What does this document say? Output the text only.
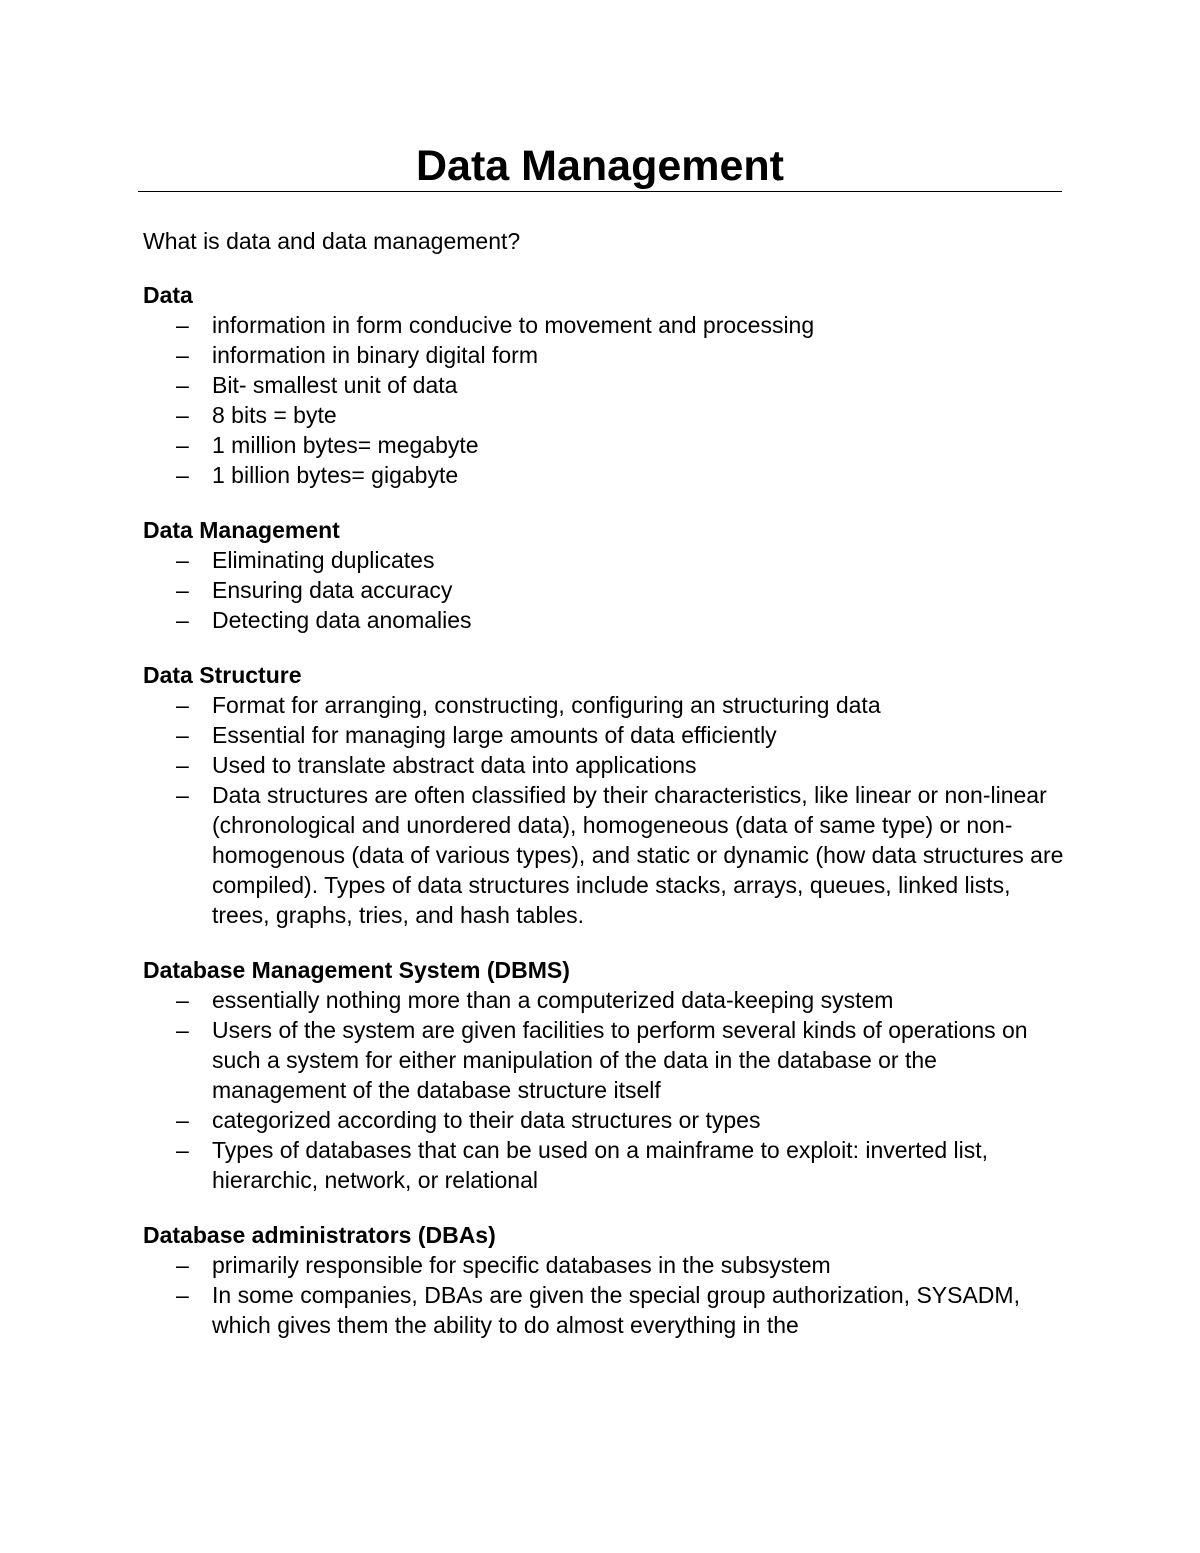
Data Management

What is data and data management?

Data
–	information in form conducive to movement and processing
–	information in binary digital form
–	Bit- smallest unit of data
–	8 bits = byte
–	1 million bytes= megabyte
–	1 billion bytes= gigabyte
Data Management
–	Eliminating duplicates
–	Ensuring data accuracy
–	Detecting data anomalies
Data Structure
–	Format for arranging, constructing, configuring an structuring data
–	Essential for managing large amounts of data efficiently
–	Used to translate abstract data into applications
–	Data structures are often classified by their characteristics, like linear or non-linear (chronological and unordered data), homogeneous (data of same type) or non-homogenous (data of various types), and static or dynamic (how data structures are compiled). Types of data structures include stacks, arrays, queues, linked lists, trees, graphs, tries, and hash tables.
Database Management System (DBMS)
–	essentially nothing more than a computerized data-keeping system
–	Users of the system are given facilities to perform several kinds of operations on such a system for either manipulation of the data in the database or the management of the database structure itself
–	categorized according to their data structures or types
–	Types of databases that can be used on a mainframe to exploit: inverted list, hierarchic, network, or relational
Database administrators (DBAs)
–	primarily responsible for specific databases in the subsystem
–	In some companies, DBAs are given the special group authorization, SYSADM, which gives them the ability to do almost everything in the
